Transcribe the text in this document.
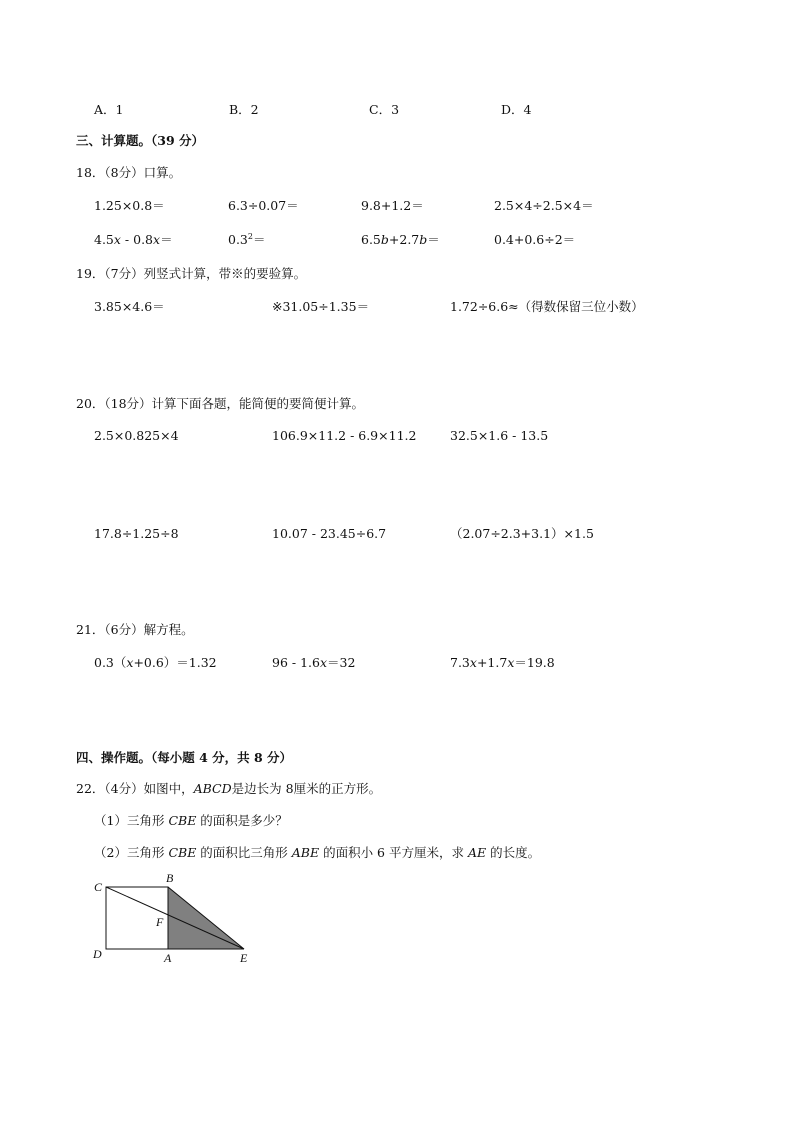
A．1	B．2	C．3	D．4
三、计算题。（39 分）
18．（8分）口算。
1.25×0.8＝	6.3÷0.07＝	9.8+1.2＝	2.5×4÷2.5×4＝
4.5x - 0.8x＝	$0.3^2=$	6.5b+2.7b＝	0.4+0.6÷2＝
19．（7分）列竖式计算，带※的要验算。
3.85×4.6＝	※31.05÷1.35＝	1.72÷6.6≈（得数保留三位小数）
20．（18分）计算下面各题，能简便的要简便计算。
2.5×0.825×4	106.9×11.2 - 6.9×11.2	32.5×1.6 - 13.5
17.8÷1.25÷8	10.07 - 23.45÷6.7	（2.07÷2.3+3.1）×1.5
21．（6分）解方程。
0.3（x+0.6）＝1.32	96 - 1.6x＝32	7.3x+1.7x＝19.8
四、操作题。（每小题 4 分，共 8 分）
22．（4分）如图中，ABCD是边长为 8厘米的正方形。
（1）三角形 CBE 的面积是多少？
（2）三角形 CBE 的面积比三角形 ABE 的面积小 6 平方厘米，求 AE 的长度。
C
B
F
D	A	E
